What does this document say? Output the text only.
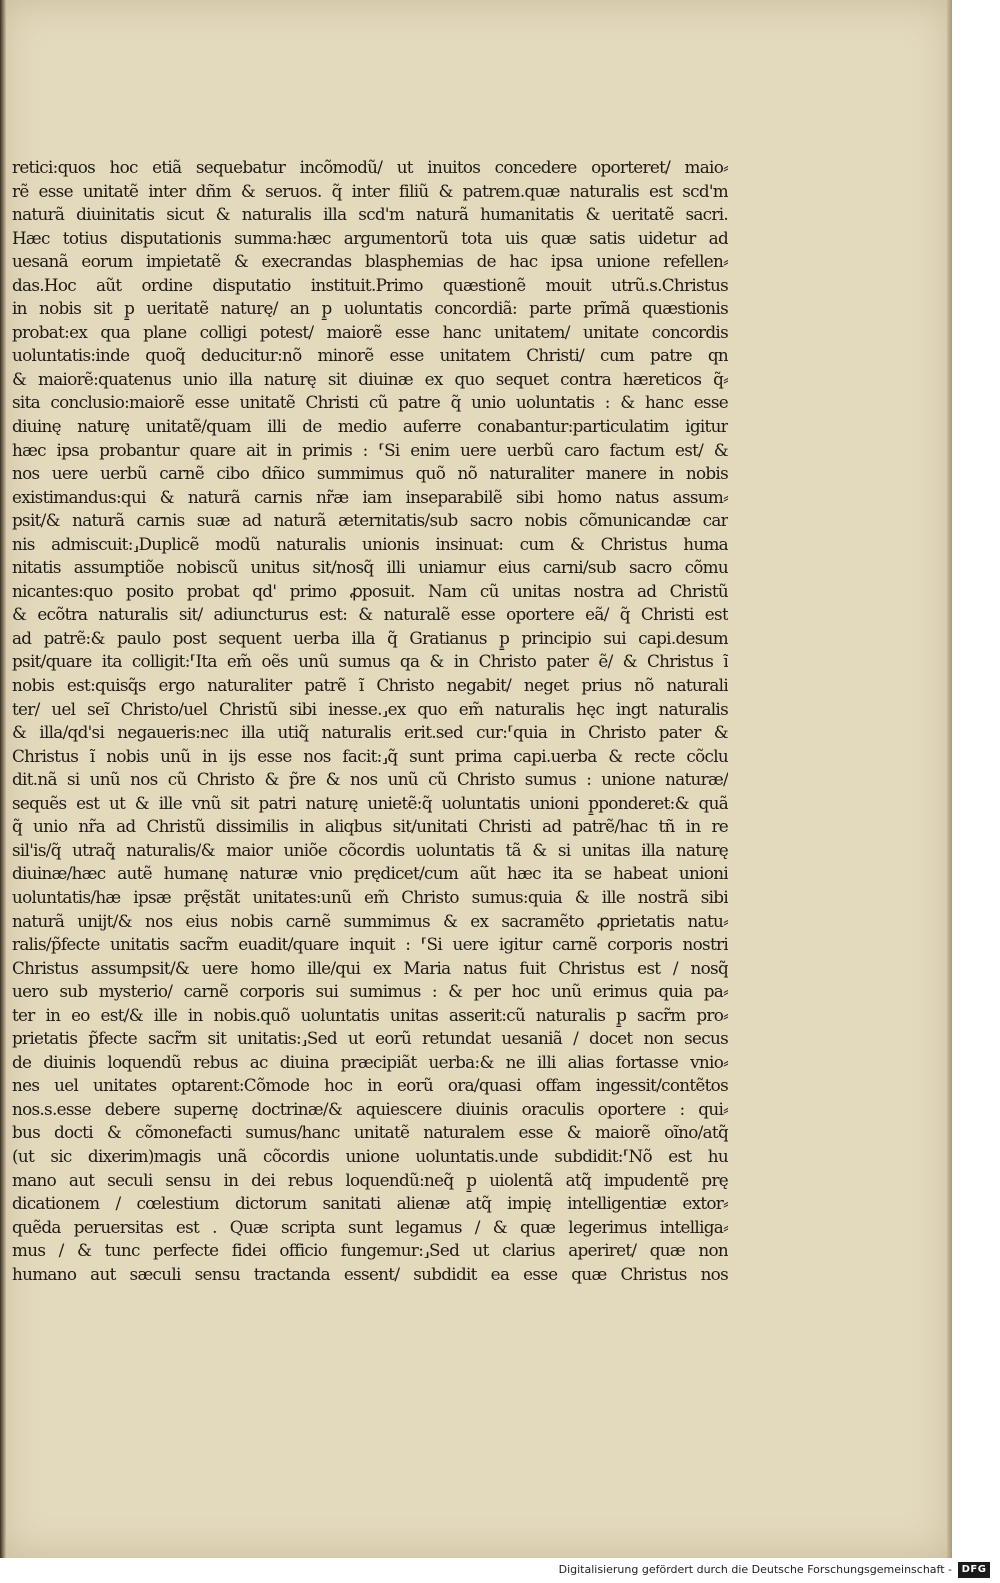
retici:quos hoc etiã sequebatur incõmodũ/ ut inuitos concedere oporteret/ maio⸗
rẽ esse unitatẽ inter dñm & seruos. q̃ inter filiũ & patrem.quæ naturalis est scd'm
naturã diuinitatis sicut & naturalis illa scd'm naturã humanitatis & ueritatẽ sacri.
Hæc totius disputationis summa:hæc argumentorũ tota uis quæ satis uidetur ad
uesanã eorum impietatẽ & execrandas blasphemias de hac ipsa unione refellen⸗
das.Hoc aũt ordine disputatio instituit.Primo quæstionẽ mouit utrũ.s.Christus
in nobis sit p̱ ueritatẽ naturę/ an p̱ uoluntatis concordiã: parte prĩmã quæstionis
probat:ex qua plane colligi potest/ maiorẽ esse hanc unitatem/ unitate concordis
uoluntatis:inde quoq̃ deducitur:nõ minorẽ esse unitatem Christi/ cum patre qn
& maiorẽ:quatenus unio illa naturę sit diuinæ ex quo sequet contra hæreticos q̃⸗
sita conclusio:maiorẽ esse unitatẽ Christi cũ patre q̃ unio uoluntatis : & hanc esse
diuinę naturę unitatẽ/quam illi de medio auferre conabantur:particulatim igitur
hæc ipsa probantur quare ait in primis : ⸢Si enim uere uerbũ caro factum est/ &
nos uere uerbũ carnẽ cibo dñico summimus quõ nõ naturaliter manere in nobis
existimandus:qui & naturã carnis nr̃æ iam inseparabilẽ sibi homo natus assum⸗
psit/& naturã carnis suæ ad naturã æternitatis/sub sacro nobis cõmunicandæ car
nis admiscuit:⸥Duplicẽ modũ naturalis unionis insinuat: cum & Christus huma
nitatis assumptiõe nobiscũ unitus sit/nosq̃ illi uniamur eius carni/sub sacro cõmu
nicantes:quo posito probat qd' primo ꝓposuit. Nam cũ unitas nostra ad Christũ
& ecõtra naturalis sit/ adiuncturus est: & naturalẽ esse oportere eã/ q̃ Christi est
ad patrẽ:& paulo post sequent uerba illa q̃ Gratianus p̱ principio sui capi.desum
psit/quare ita colligit:⸢Ita em̃ oẽs unũ sumus qa & in Christo pater ẽ/ & Christus ĩ
nobis est:quisq̃s ergo naturaliter patrẽ ĩ Christo negabit/ neget prius nõ naturali
ter/ uel seĩ Christo/uel Christũ sibi inesse.⸥ex quo em̃ naturalis hęc ingt naturalis
& illa/qd'si negaueris:nec illa utiq̃ naturalis erit.sed cur:⸢quia in Christo pater &
Christus ĩ nobis unũ in ijs esse nos facit:⸥q̃ sunt prima capi.uerba & recte cõclu
dit.nã si unũ nos cũ Christo & p̃re & nos unũ cũ Christo sumus : unione naturæ/
sequẽs est ut & ille vnũ sit patri naturę unietẽ:q̃ uoluntatis unioni p̱ponderet:& quã
q̃ unio nr̃a ad Christũ dissimilis in aliqbus sit/unitati Christi ad patrẽ/hac tñ in re
sil'is/q̃ utraq̃ naturalis/& maior uniõe cõcordis uoluntatis tã & si unitas illa naturę
diuinæ/hæc autẽ humanę naturæ vnio prędicet/cum aũt hæc ita se habeat unioni
uoluntatis/hæ ipsæ prę̃stãt unitates:unũ em̃ Christo sumus:quia & ille nostrã sibi
naturã unijt/& nos eius nobis carnẽ summimus & ex sacramẽto ꝓprietatis natu⸗
ralis/p̃fecte unitatis sacr̃m euadit/quare inquit : ⸢Si uere igitur carnẽ corporis nostri
Christus assumpsit/& uere homo ille/qui ex Maria natus fuit Christus est / nosq̃
uero sub mysterio/ carnẽ corporis sui sumimus : & per hoc unũ erimus quia pa⸗
ter in eo est/& ille in nobis.quõ uoluntatis unitas asserit:cũ naturalis p̱ sacr̃m pro⸗
prietatis p̃fecte sacr̃m sit unitatis:⸥Sed ut eorũ retundat uesaniã / docet non secus
de diuinis loquendũ rebus ac diuina præcipiãt uerba:& ne illi alias fortasse vnio⸗
nes uel unitates optarent:Cõmode hoc in eorũ ora/quasi offam ingessit/contẽtos
nos.s.esse debere supernę doctrinæ/& aquiescere diuinis oraculis oportere : qui⸗
bus docti & cõmonefacti sumus/hanc unitatẽ naturalem esse & maiorẽ oĩno/atq̃
(ut sic dixerim)magis unã cõcordis unione uoluntatis.unde subdidit:⸢Nõ est hu
mano aut seculi sensu in dei rebus loquendũ:neq̃ p̱ uiolentã atq̃ impudentẽ prę
dicationem / cœlestium dictorum sanitati alienæ atq̃ impię intelligentiæ extor⸗
quẽda peruersitas est . Quæ scripta sunt legamus / & quæ legerimus intelliga⸗
mus / & tunc perfecte fidei officio fungemur:⸥Sed ut clarius aperiret/ quæ non
humano aut sæculi sensu tractanda essent/ subdidit ea esse quæ Christus nos
Digitalisierung gefördert durch die Deutsche Forschungsgemeinschaft - DFG
